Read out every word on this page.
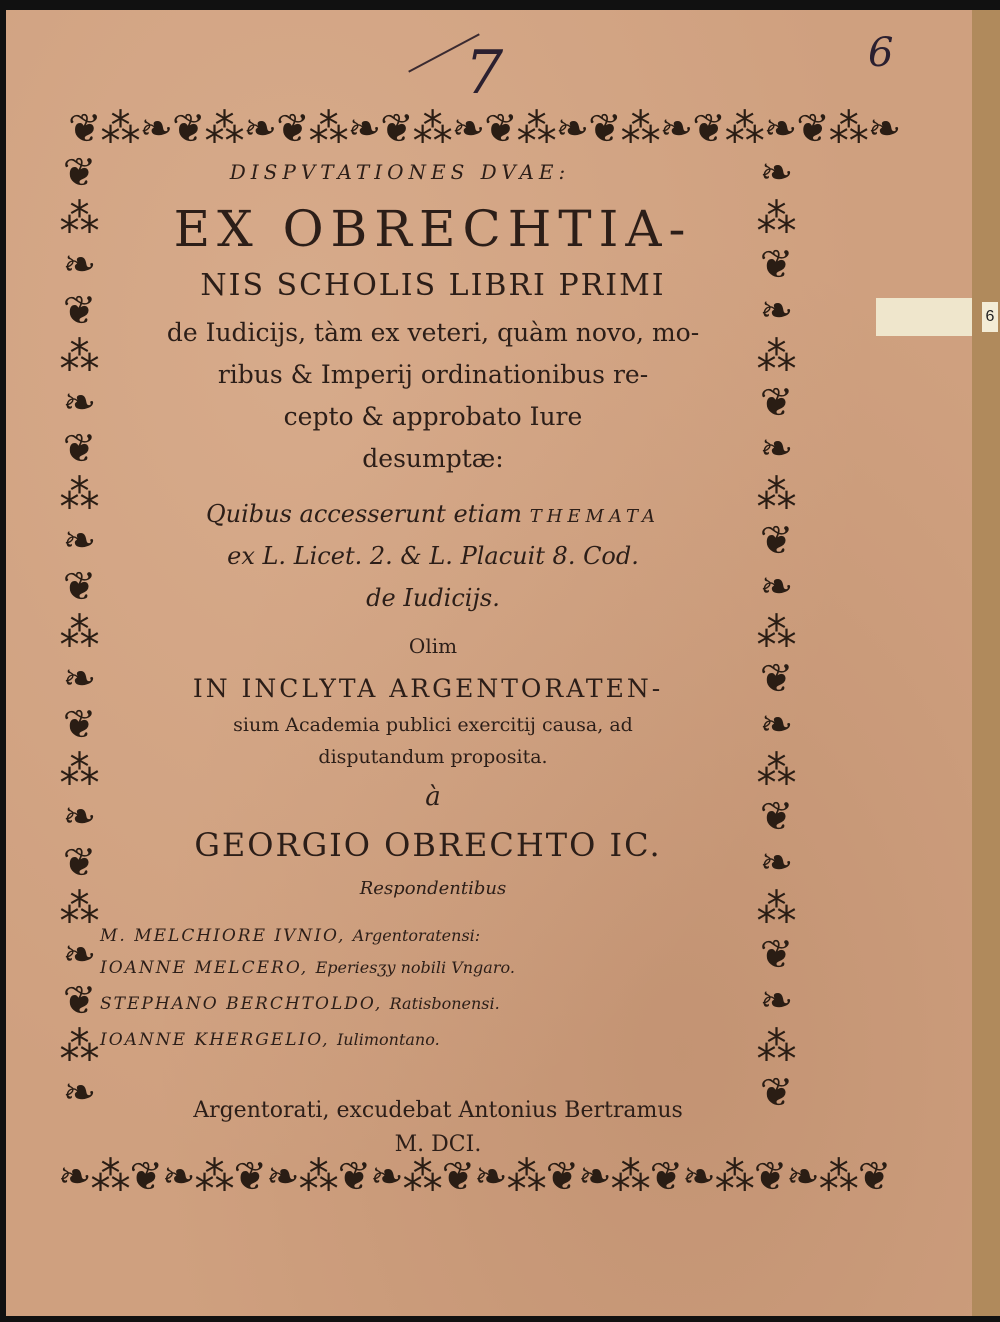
6
7	6
❦⁂❧❦⁂❧❦⁂❧❦⁂❧❦⁂❧❦⁂❧❦⁂❧❦⁂❧
❧⁂❦❧⁂❦❧⁂❦❧⁂❦❧⁂❦❧⁂❦❧⁂❦❧⁂❦
❦⁂❧❦⁂❧❦⁂❧❦⁂❧❦⁂❧❦⁂❧❦⁂❧
❧⁂❦❧⁂❦❧⁂❦❧⁂❦❧⁂❦❧⁂❦❧⁂❦
DISPVTATIONES DVAE:
EX OBRECHTIA-
NIS SCHOLIS LIBRI PRIMI
de Iudicijs, tàm ex veteri, quàm novo, mo-
ribus & Imperij ordinationibus re-
cepto & approbato Iure
desumptæ:
Quibus accesserunt etiam THEMATA
ex L. Licet. 2. & L. Placuit 8. Cod.
de Iudicijs.
Olim
IN INCLYTA ARGENTORATEN-
sium Academia publici exercitij causa, ad
disputandum proposita.
à
GEORGIO OBRECHTO IC.
Respondentibus
M. MELCHIORE IVNIO, Argentoratensi:
IOANNE MELCERO, Eperiesʒy nobili Vngaro.
STEPHANO BERCHTOLDO, Ratisbonensi.
IOANNE KHERGELIO, Iulimontano.
Argentorati, excudebat Antonius Bertramus
M. DCI.
